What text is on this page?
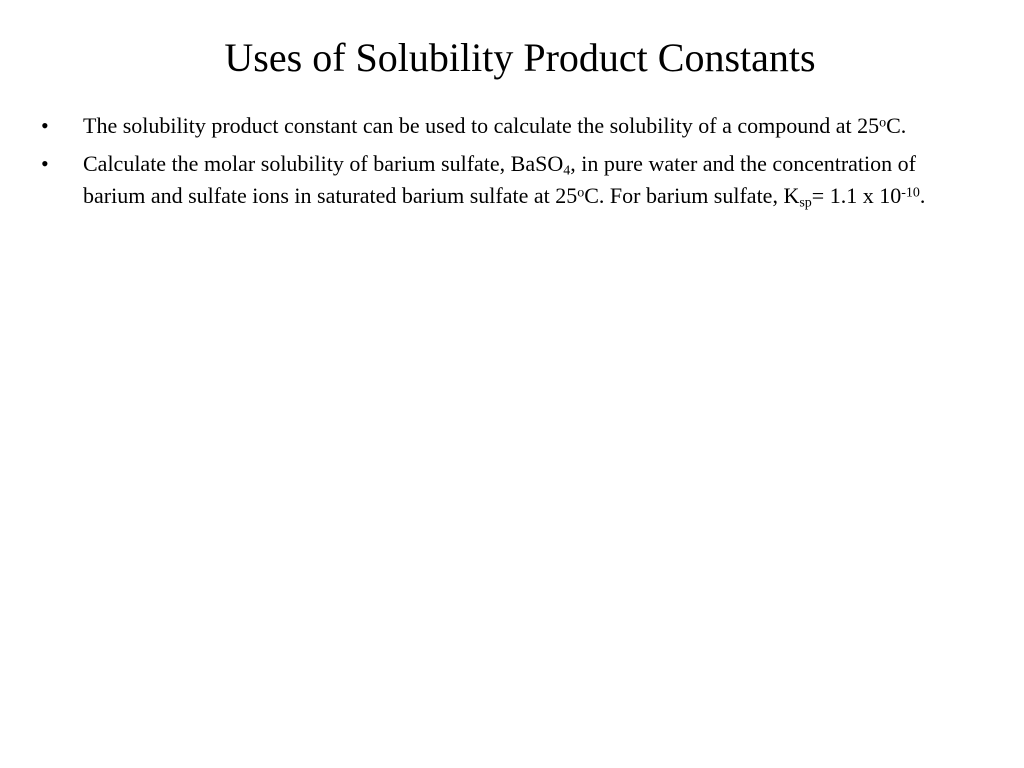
Uses of Solubility Product Constants
•	The solubility product constant can be used to calculate the solubility of a compound at 25$^o$C.
•	Calculate the molar solubility of barium sulfate, BaSO$_4$, in pure water and the concentration of barium and sulfate ions in saturated barium sulfate at 25$^o$C. For barium sulfate, $K_{sp}= 1.1$ x $10^{-10}$.
